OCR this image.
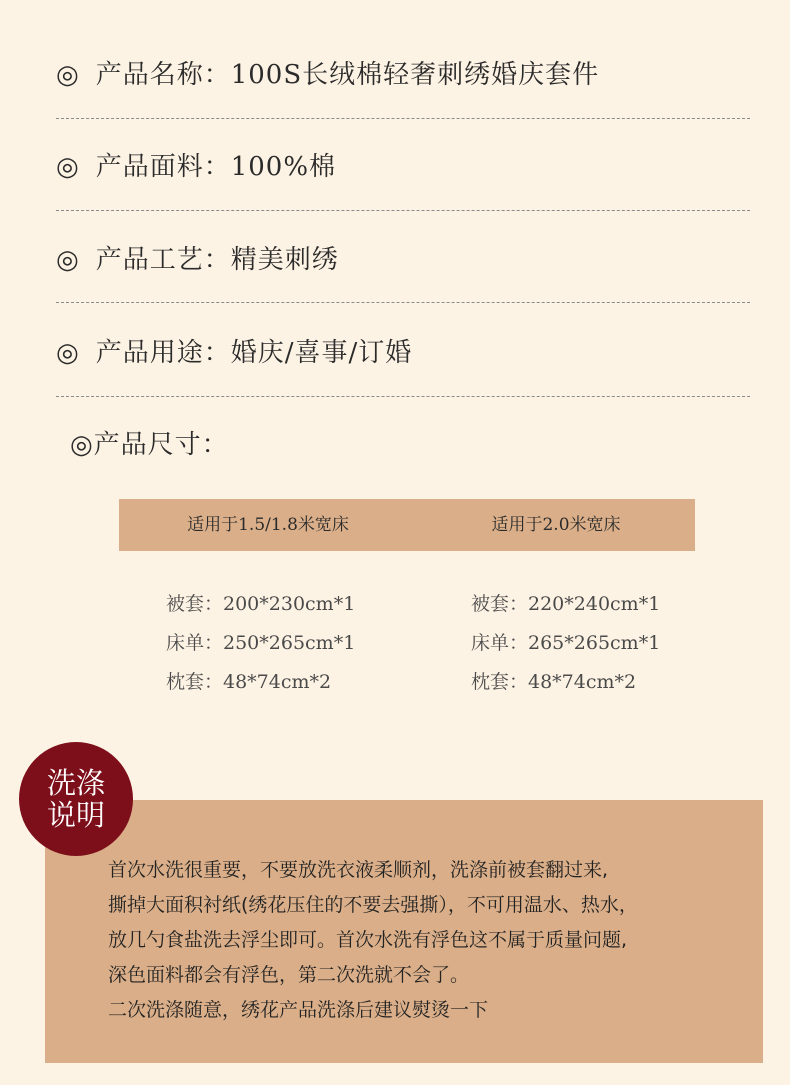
◎ 产品名称：100S长绒棉轻奢刺绣婚庆套件
◎ 产品面料：100%棉
◎ 产品工艺：精美刺绣
◎ 产品用途：婚庆/喜事/订婚
◎产品尺寸：
适用于1.5/1.8米宽床	适用于2.0米宽床
被套：200*230cm*1
床单：250*265cm*1
枕套：48*74cm*2
被套：220*240cm*1
床单：265*265cm*1
枕套：48*74cm*2
洗涤
说明
首次水洗很重要，不要放洗衣液柔顺剂，洗涤前被套翻过来,
撕掉大面积衬纸(绣花压住的不要去强撕），不可用温水、热水，
放几勺食盐洗去浮尘即可。首次水洗有浮色这不属于质量问题,
深色面料都会有浮色，第二次洗就不会了。
二次洗涤随意，绣花产品洗涤后建议熨烫一下
